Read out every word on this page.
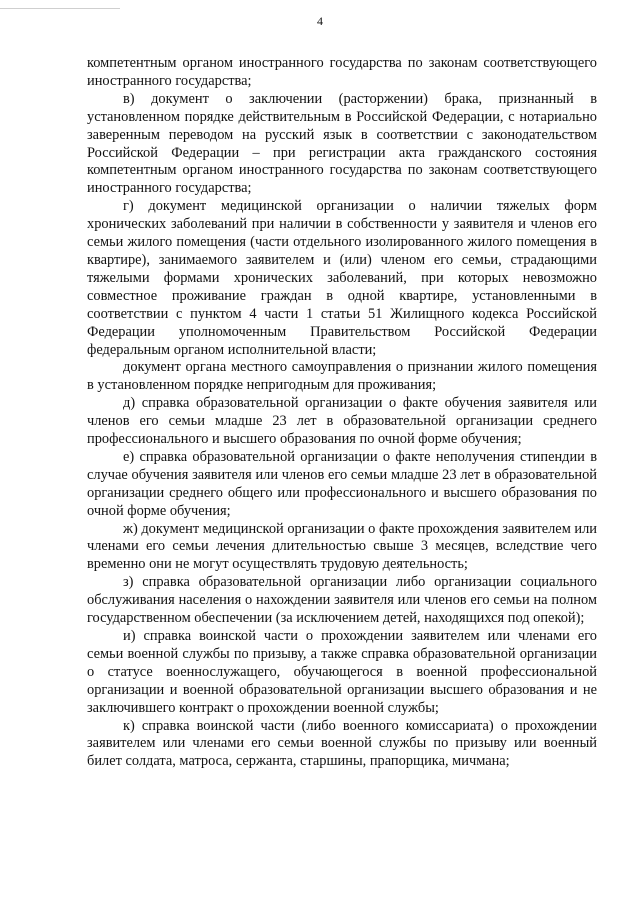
4

компетентным органом иностранного государства по законам соответствующего иностранного государства;

в) документ о заключении (расторжении) брака, признанный в установленном порядке действительным в Российской Федерации, с нотариально заверенным переводом на русский язык в соответствии с законодательством Российской Федерации – при регистрации акта гражданского состояния компетентным органом иностранного государства по законам соответствующего иностранного государства;

г) документ медицинской организации о наличии тяжелых форм хронических заболеваний при наличии в собственности у заявителя и членов его семьи жилого помещения (части отдельного изолированного жилого помещения в квартире), занимаемого заявителем и (или) членом его семьи, страдающими тяжелыми формами хронических заболеваний, при которых невозможно совместное проживание граждан в одной квартире, установленными в соответствии с пунктом 4 части 1 статьи 51 Жилищного кодекса Российской Федерации уполномоченным Правительством Российской Федерации федеральным органом исполнительной власти;

документ органа местного самоуправления о признании жилого помещения в установленном порядке непригодным для проживания;

д) справка образовательной организации о факте обучения заявителя или членов его семьи младше 23 лет в образовательной организации среднего профессионального и высшего образования по очной форме обучения;

е) справка образовательной организации о факте неполучения стипендии в случае обучения заявителя или членов его семьи младше 23 лет в образовательной организации среднего общего или профессионального и высшего образования по очной форме обучения;

ж) документ медицинской организации о факте прохождения заявителем или членами его семьи лечения длительностью свыше 3 месяцев, вследствие чего временно они не могут осуществлять трудовую деятельность;

з) справка образовательной организации либо организации социального обслуживания населения о нахождении заявителя или членов его семьи на полном государственном обеспечении (за исключением детей, находящихся под опекой);

и) справка воинской части о прохождении заявителем или членами его семьи военной службы по призыву, а также справка образовательной организации о статусе военнослужащего, обучающегося в военной профессиональной организации и военной образовательной организации высшего образования и не заключившего контракт о прохождении военной службы;

к) справка воинской части (либо военного комиссариата) о прохождении заявителем или членами его семьи военной службы по призыву или военный билет солдата, матроса, сержанта, старшины, прапорщика, мичмана;
